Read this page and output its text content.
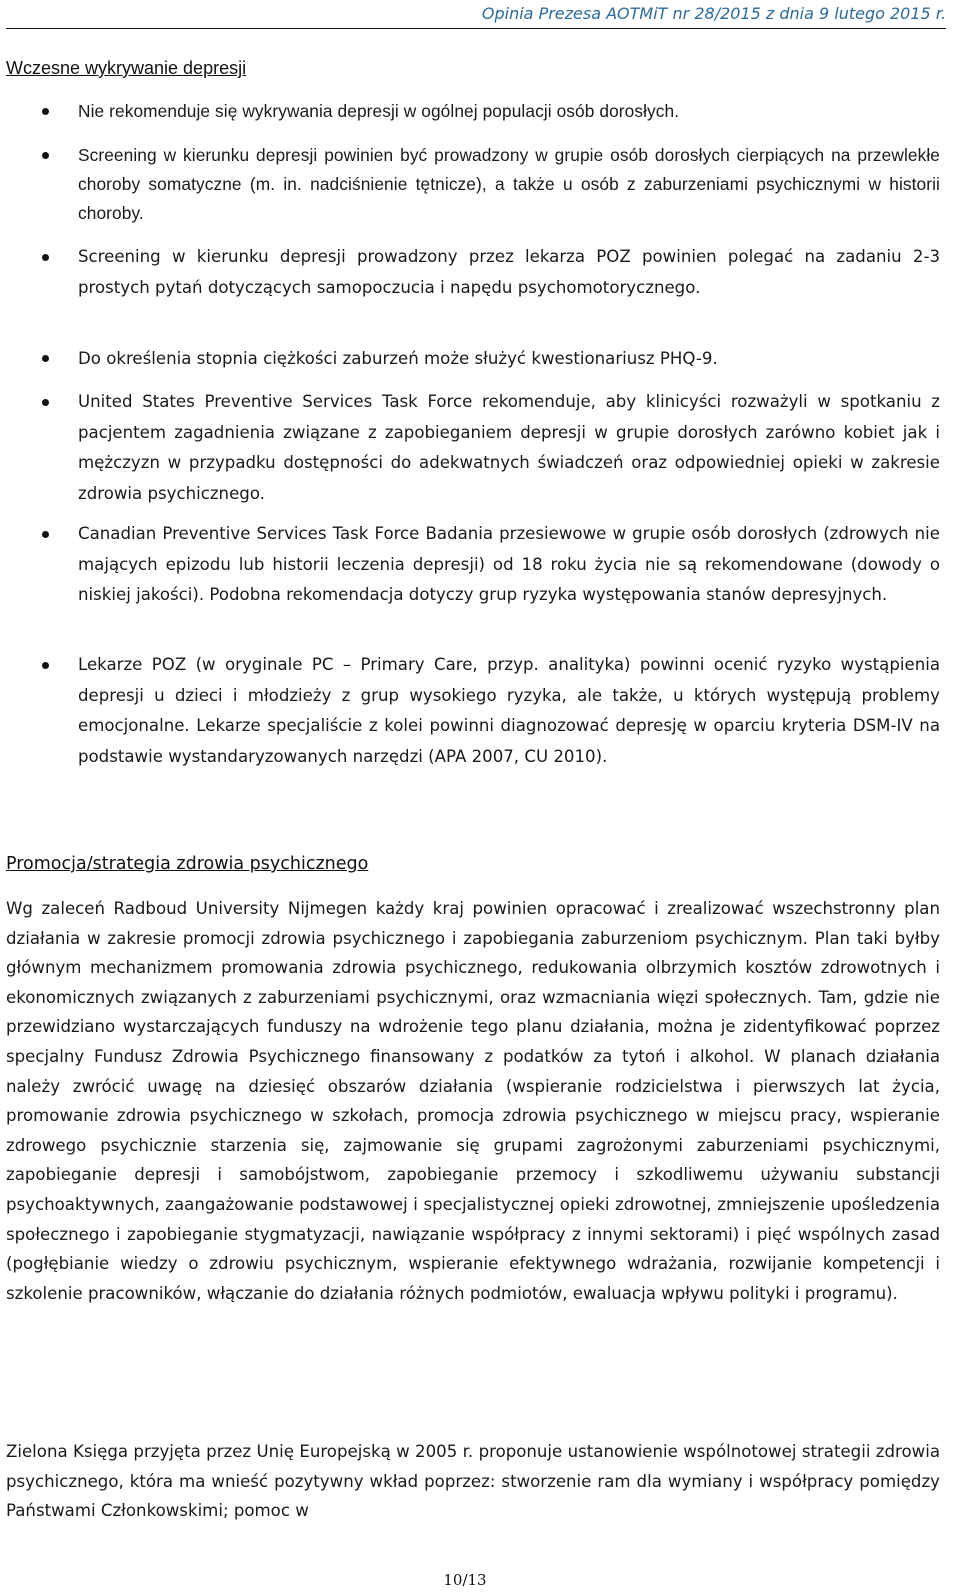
Opinia Prezesa AOTMiT nr 28/2015 z dnia 9 lutego 2015 r.
Wczesne wykrywanie depresji
Nie rekomenduje się wykrywania depresji w ogólnej populacji osób dorosłych.
Screening w kierunku depresji powinien być prowadzony w grupie osób dorosłych cierpiących na przewlekłe choroby somatyczne (m. in. nadciśnienie tętnicze), a także u osób z zaburzeniami psychicznymi w historii choroby.
Screening w kierunku depresji prowadzony przez lekarza POZ powinien polegać na zadaniu 2-3 prostych pytań dotyczących samopoczucia i napędu psychomotorycznego.
Do określenia stopnia ciężkości zaburzeń może służyć kwestionariusz PHQ-9.
United States Preventive Services Task Force rekomenduje, aby klinicyści rozważyli w spotkaniu z pacjentem zagadnienia związane z zapobieganiem depresji w grupie dorosłych zarówno kobiet jak i mężczyzn w przypadku dostępności do adekwatnych świadczeń oraz odpowiedniej opieki w zakresie zdrowia psychicznego.
Canadian Preventive Services Task Force Badania przesiewowe w grupie osób dorosłych (zdrowych nie mających epizodu lub historii leczenia depresji) od 18 roku życia nie są rekomendowane (dowody o niskiej jakości). Podobna rekomendacja dotyczy grup ryzyka występowania stanów depresyjnych.
Lekarze POZ (w oryginale PC – Primary Care, przyp. analityka) powinni ocenić ryzyko wystąpienia depresji u dzieci i młodzieży z grup wysokiego ryzyka, ale także, u których występują problemy emocjonalne. Lekarze specjaliście z kolei powinni diagnozować depresję w oparciu kryteria DSM-IV na podstawie wystandaryzowanych narzędzi (APA 2007, CU 2010).
Promocja/strategia zdrowia psychicznego
Wg zaleceń Radboud University Nijmegen każdy kraj powinien opracować i zrealizować wszechstronny plan działania w zakresie promocji zdrowia psychicznego i zapobiegania zaburzeniom psychicznym. Plan taki byłby głównym mechanizmem promowania zdrowia psychicznego, redukowania olbrzymich kosztów zdrowotnych i ekonomicznych związanych z zaburzeniami psychicznymi, oraz wzmacniania więzi społecznych. Tam, gdzie nie przewidziano wystarczających funduszy na wdrożenie tego planu działania, można je zidentyfikować poprzez specjalny Fundusz Zdrowia Psychicznego finansowany z podatków za tytoń i alkohol. W planach działania należy zwrócić uwagę na dziesięć obszarów działania (wspieranie rodzicielstwa i pierwszych lat życia, promowanie zdrowia psychicznego w szkołach, promocja zdrowia psychicznego w miejscu pracy, wspieranie zdrowego psychicznie starzenia się, zajmowanie się grupami zagrożonymi zaburzeniami psychicznymi, zapobieganie depresji i samobójstwom, zapobieganie przemocy i szkodliwemu używaniu substancji psychoaktywnych, zaangażowanie podstawowej i specjalistycznej opieki zdrowotnej, zmniejszenie upośledzenia społecznego i zapobieganie stygmatyzacji, nawiązanie współpracy z innymi sektorami) i pięć wspólnych zasad (pogłębianie wiedzy o zdrowiu psychicznym, wspieranie efektywnego wdrażania, rozwijanie kompetencji i szkolenie pracowników, włączanie do działania różnych podmiotów, ewaluacja wpływu polityki i programu).
Zielona Księga przyjęta przez Unię Europejską w 2005 r. proponuje ustanowienie wspólnotowej strategii zdrowia psychicznego, która ma wnieść pozytywny wkład poprzez: stworzenie ram dla wymiany i współpracy pomiędzy Państwami Członkowskimi; pomoc w
10/13
